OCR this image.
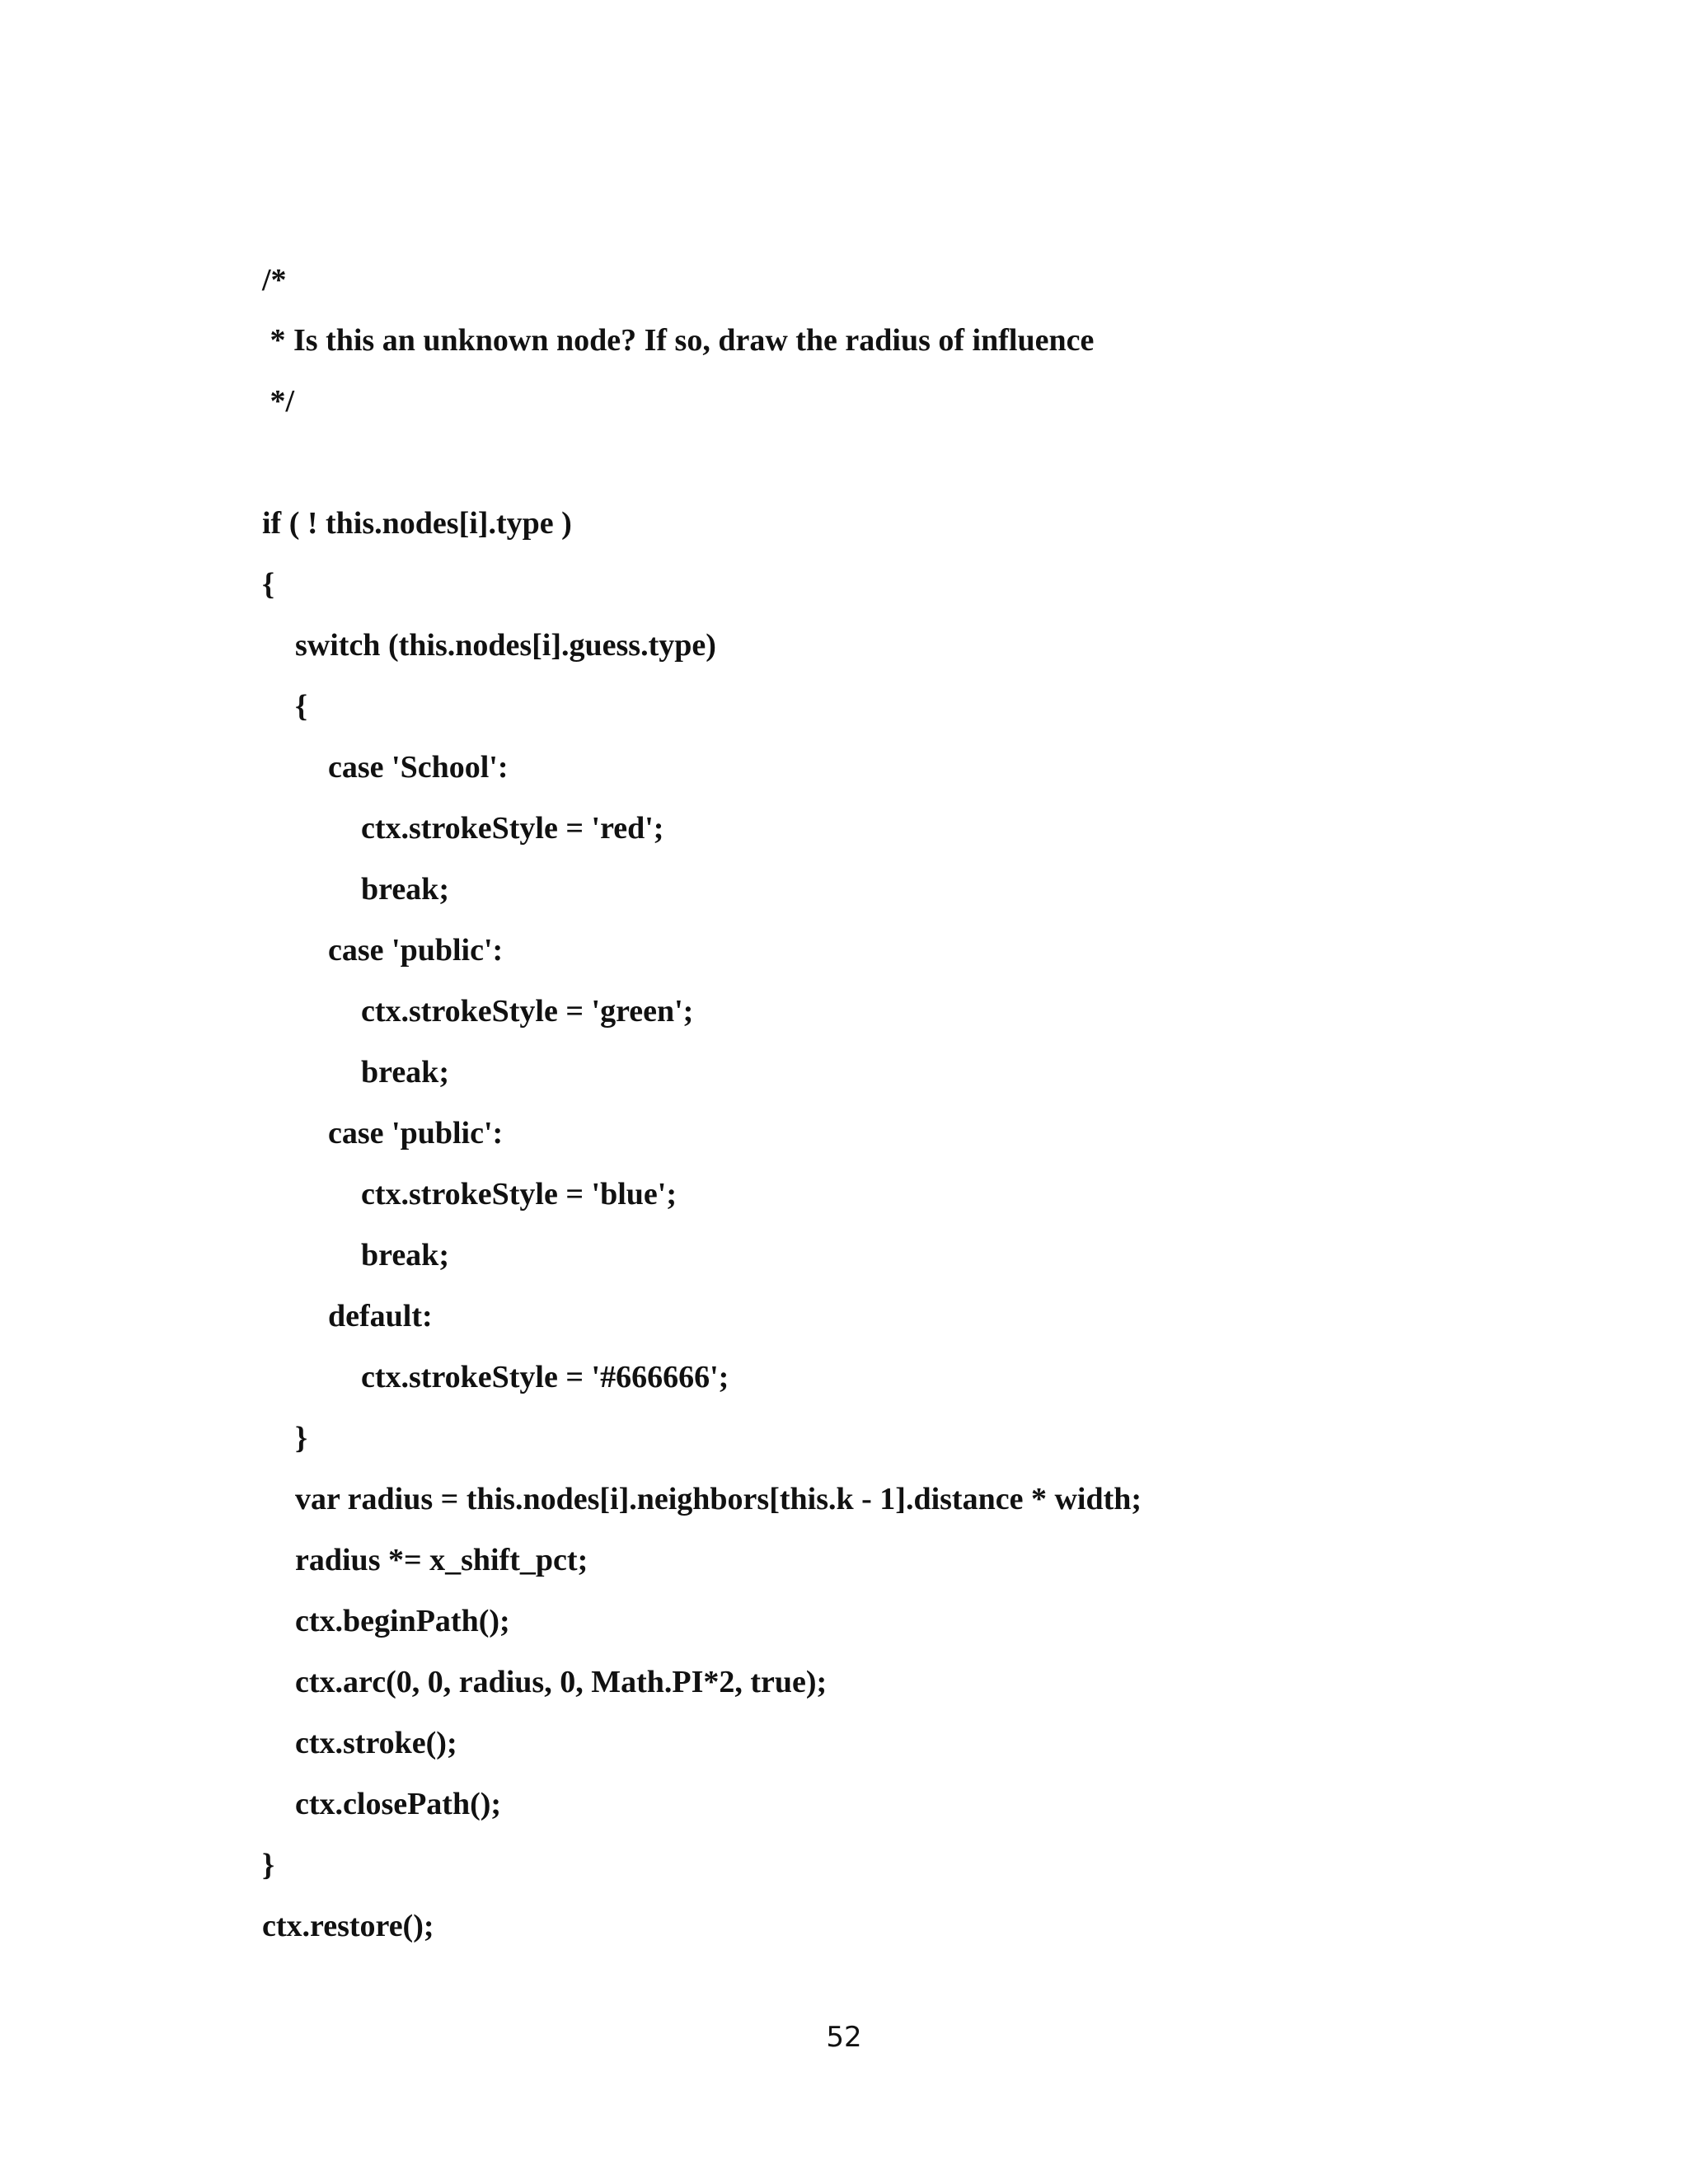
/*
* Is this an unknown node? If so, draw the radius of influence
*/
if ( ! this.nodes[i].type )
{
switch (this.nodes[i].guess.type)
{
case 'School':
ctx.strokeStyle = 'red';
break;
case 'public':
ctx.strokeStyle = 'green';
break;
case 'public':
ctx.strokeStyle = 'blue';
break;
default:
ctx.strokeStyle = '#666666';
}
var radius = this.nodes[i].neighbors[this.k - 1].distance * width;
radius *= x_shift_pct;
ctx.beginPath();
ctx.arc(0, 0, radius, 0, Math.PI*2, true);
ctx.stroke();
ctx.closePath();
}
ctx.restore();
52
